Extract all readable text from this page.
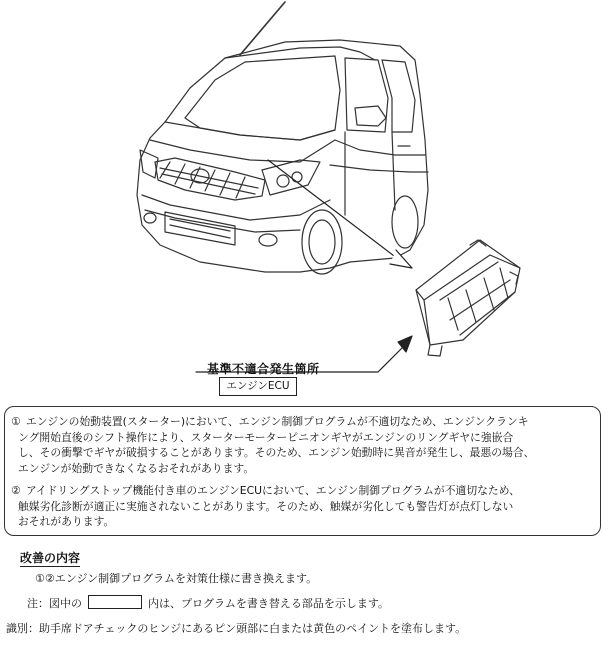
基準不適合発生箇所
エンジンECU
① エンジンの始動装置(スターター)において、エンジン制御プログラムが不適切なため、エンジンクランキ
ング開始直後のシフト操作により、スターターモーターピニオンギヤがエンジンのリングギヤに強嵌合
し、その衝撃でギヤが破損することがあります。そのため、エンジン始動時に異音が発生し、最悪の場合、
エンジンが始動できなくなるおそれがあります。
② アイドリングストップ機能付き車のエンジンECUにおいて、エンジン制御プログラムが不適切なため、
触媒劣化診断が適正に実施されないことがあります。そのため、触媒が劣化しても警告灯が点灯しない
おそれがあります。
改善の内容
①②エンジン制御プログラムを対策仕様に書き換えます。
注：図中の	内は、プログラムを書き替える部品を示します。
識別：助手席ドアチェックのヒンジにあるピン頭部に白または黄色のペイントを塗布します。
